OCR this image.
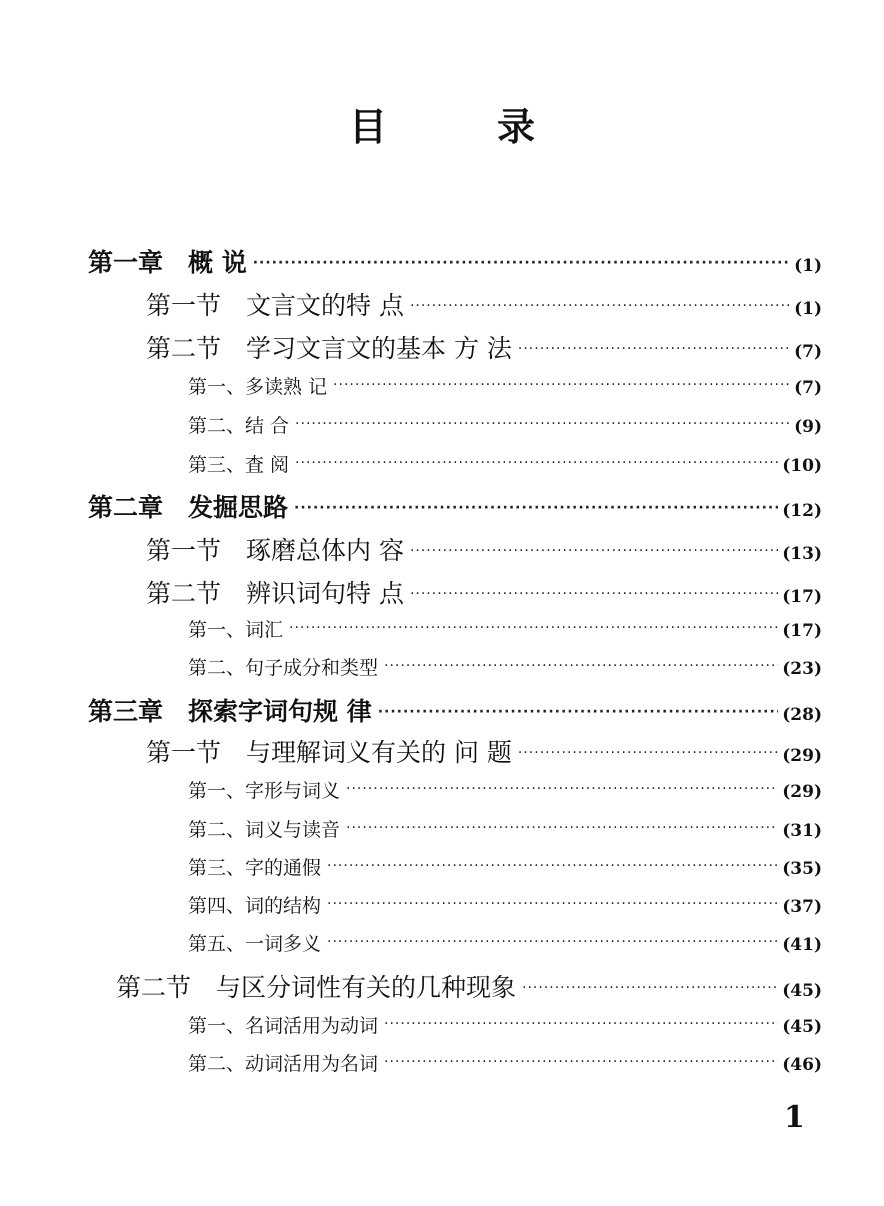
目	录
第一章　概 说 ·····	(1)
第一节　文言文的特 点 ·····	(1)
第二节　学习文言文的基本 方 法 ·····	(7)
第一、多读熟 记 ·····	(7)
第二、结 合 ·····	(9)
第三、査 阅 ·····	(10)
第二章　发掘思路 ·····	(12)
第一节　琢磨总体内 容 ·····	(13)
第二节　辨识词句特 点 ·····	(17)
第一、词汇 ·····	(17)
第二、句子成分和类型 ·····	(23)
第三章　探索字词句规 律 ·····	(28)
第一节　与理解词义有关的 问 题 ·····	(29)
第一、字形与词义 ·····	(29)
第二、词义与读音 ·····	(31)
第三、字的通假 ·····	(35)
第四、词的结构 ·····	(37)
第五、一词多义 ·····	(41)
第二节　与区分词性有关的几种现象 ·····	(45)
第一、名词活用为动词 ·····	(45)
第二、动词活用为名词 ·····	(46)
1
